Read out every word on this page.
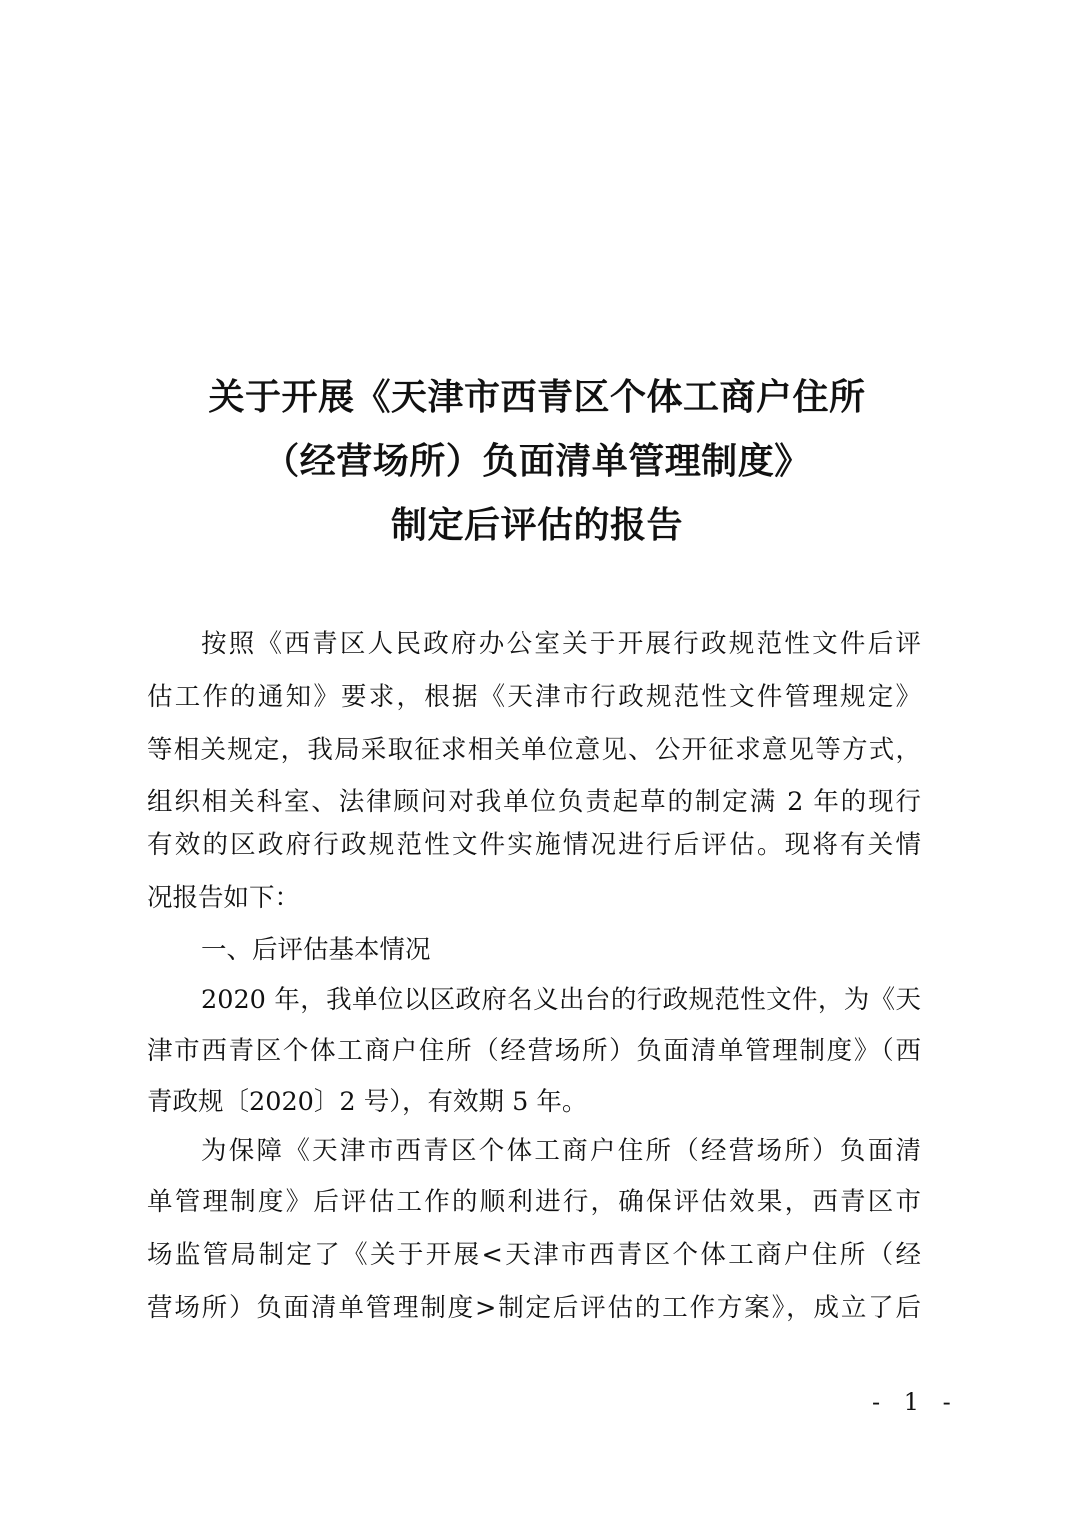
关于开展《天津市西青区个体工商户住所
（经营场所）负面清单管理制度》
制定后评估的报告

按照《西青区人民政府办公室关于开展行政规范性文件后评

估工作的通知》要求，根据《天津市行政规范性文件管理规定》

等相关规定，我局采取征求相关单位意见、公开征求意见等方式，

组织相关科室、法律顾问对我单位负责起草的制定满 2 年的现行

有效的区政府行政规范性文件实施情况进行后评估。现将有关情

况报告如下：

一、后评估基本情况

2020 年，我单位以区政府名义出台的行政规范性文件，为《天

津市西青区个体工商户住所（经营场所）负面清单管理制度》（西

青政规〔2020〕2 号），有效期 5 年。

为保障《天津市西青区个体工商户住所（经营场所）负面清

单管理制度》后评估工作的顺利进行，确保评估效果，西青区市

场监管局制定了《关于开展<天津市西青区个体工商户住所（经

营场所）负面清单管理制度>制定后评估的工作方案》，成立了后

- 1 -
